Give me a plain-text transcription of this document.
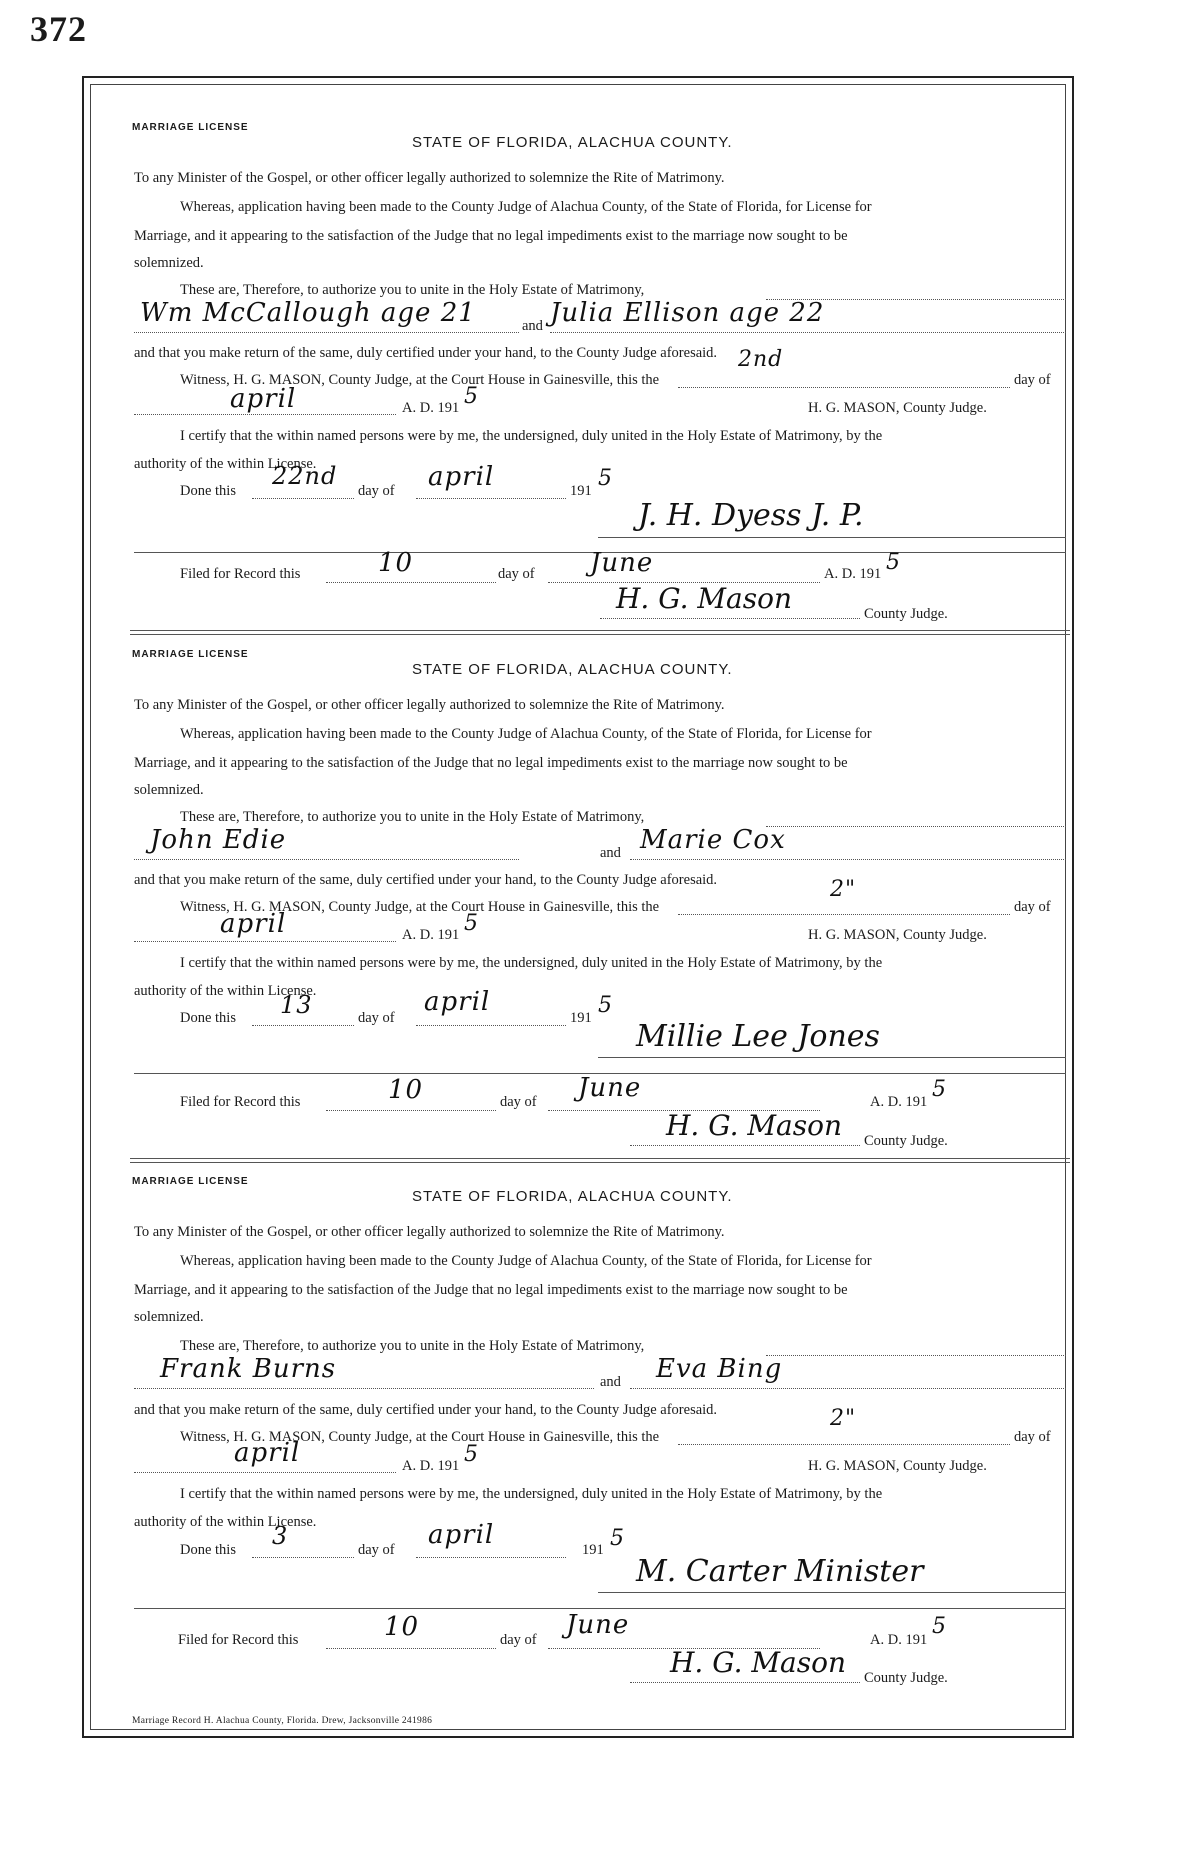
372
MARRIAGE LICENSE
STATE OF FLORIDA, ALACHUA COUNTY.
To any Minister of the Gospel, or other officer legally authorized to solemnize the Rite of Matrimony.
Whereas, application having been made to the County Judge of Alachua County, of the State of Florida, for License for
Marriage, and it appearing to the satisfaction of the Judge that no legal impediments exist to the marriage now sought to be
solemnized.
These are, Therefore, to authorize you to unite in the Holy Estate of Matrimony,
Wm McCallough age 21	and Julia Ellison age 22
and that you make return of the same, duly certified under your hand, to the County Judge aforesaid.
Witness, H. G. MASON, County Judge, at the Court House in Gainesville, this the
2nd
day of
april	A. D. 191 5	H. G. MASON, County Judge.
I certify that the within named persons were by me, the undersigned, duly united in the Holy Estate of Matrimony, by the
authority of the within License.
Done this
22nd
day of april	191 5
J. H. Dyess J. P.
Filed for Record this	10	day of June	A. D. 191 5
H. G. Mason	County Judge.
MARRIAGE LICENSE
STATE OF FLORIDA, ALACHUA COUNTY.
To any Minister of the Gospel, or other officer legally authorized to solemnize the Rite of Matrimony.
Whereas, application having been made to the County Judge of Alachua County, of the State of Florida, for License for
Marriage, and it appearing to the satisfaction of the Judge that no legal impediments exist to the marriage now sought to be
solemnized.
These are, Therefore, to authorize you to unite in the Holy Estate of Matrimony,
John Edie	and Marie Cox
and that you make return of the same, duly certified under your hand, to the County Judge aforesaid.
Witness, H. G. MASON, County Judge, at the Court House in Gainesville, this the
2"
day of
april	A. D. 191 5	H. G. MASON, County Judge.
I certify that the within named persons were by me, the undersigned, duly united in the Holy Estate of Matrimony, by the
authority of the within License.
Done this 13	day of
april
191 5
Millie Lee Jones
Filed for Record this	10	day of June	A. D. 191 5
H. G. Mason County Judge.
MARRIAGE LICENSE
STATE OF FLORIDA, ALACHUA COUNTY.
To any Minister of the Gospel, or other officer legally authorized to solemnize the Rite of Matrimony.
Whereas, application having been made to the County Judge of Alachua County, of the State of Florida, for License for
Marriage, and it appearing to the satisfaction of the Judge that no legal impediments exist to the marriage now sought to be
solemnized.
These are, Therefore, to authorize you to unite in the Holy Estate of Matrimony,
Frank Burns	and Eva Bing
and that you make return of the same, duly certified under your hand, to the County Judge aforesaid.
Witness, H. G. MASON, County Judge, at the Court House in Gainesville, this the
2"
day of
april	A. D. 191 5	H. G. MASON, County Judge.
I certify that the within named persons were by me, the undersigned, duly united in the Holy Estate of Matrimony, by the
authority of the within License.
Done this 3	day of april	191 5
M. Carter Minister
Filed for Record this	10	day of June	A. D. 191
5
H. G. Mason County Judge.
Marriage Record H. Alachua County, Florida. Drew, Jacksonville 241986
